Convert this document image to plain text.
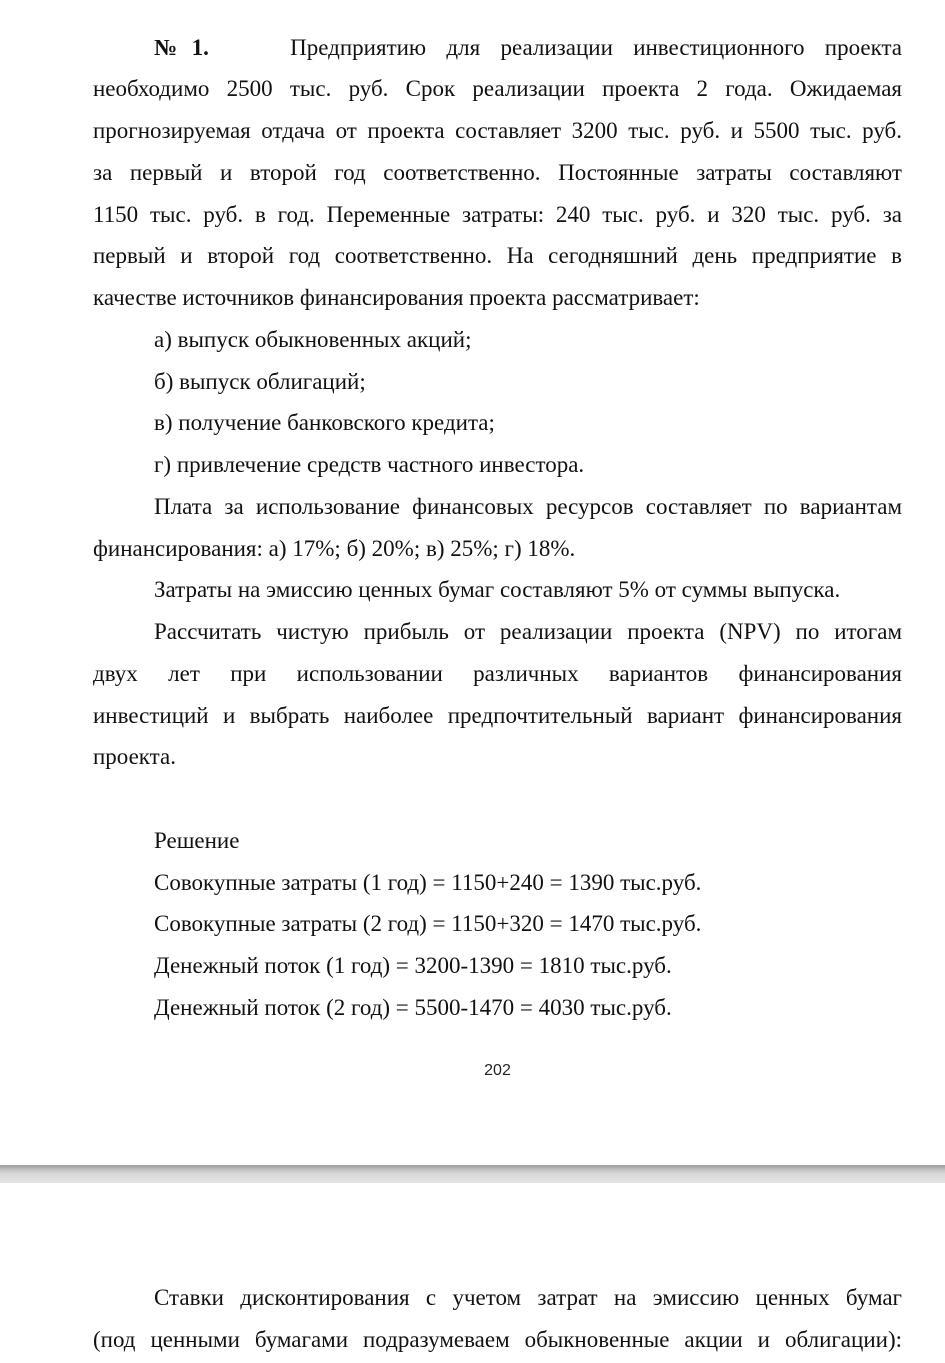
№1.	Предприятию для реализации инвестиционного проекта
необходимо 2500 тыс. руб. Срок реализации проекта 2 года. Ожидаемая
прогнозируемая отдача от проекта составляет 3200 тыс. руб. и 5500 тыс. руб.
за первый и второй год соответственно. Постоянные затраты составляют
1150 тыс. руб. в год. Переменные затраты: 240 тыс. руб. и 320 тыс. руб. за
первый и второй год соответственно. На сегодняшний день предприятие в
качестве источников финансирования проекта рассматривает:
а) выпуск обыкновенных акций;
б) выпуск облигаций;
в) получение банковского кредита;
г) привлечение средств частного инвестора.
Плата за использование финансовых ресурсов составляет по вариантам
финансирования: а) 17%; б) 20%; в) 25%; г) 18%.
Затраты на эмиссию ценных бумаг составляют 5% от суммы выпуска.
Рассчитать чистую прибыль от реализации проекта (NPV) по итогам
двух лет при использовании различных вариантов финансирования
инвестиций и выбрать наиболее предпочтительный вариант финансирования
проекта.
Решение
Совокупные затраты (1 год) = 1150+240 = 1390 тыс.руб.
Совокупные затраты (2 год) = 1150+320 = 1470 тыс.руб.
Денежный поток (1 год) = 3200-1390 = 1810 тыс.руб.
Денежный поток (2 год) = 5500-1470 = 4030 тыс.руб.
202
Ставки дисконтирования с учетом затрат на эмиссию ценных бумаг
(под ценными бумагами подразумеваем обыкновенные акции и облигации):
